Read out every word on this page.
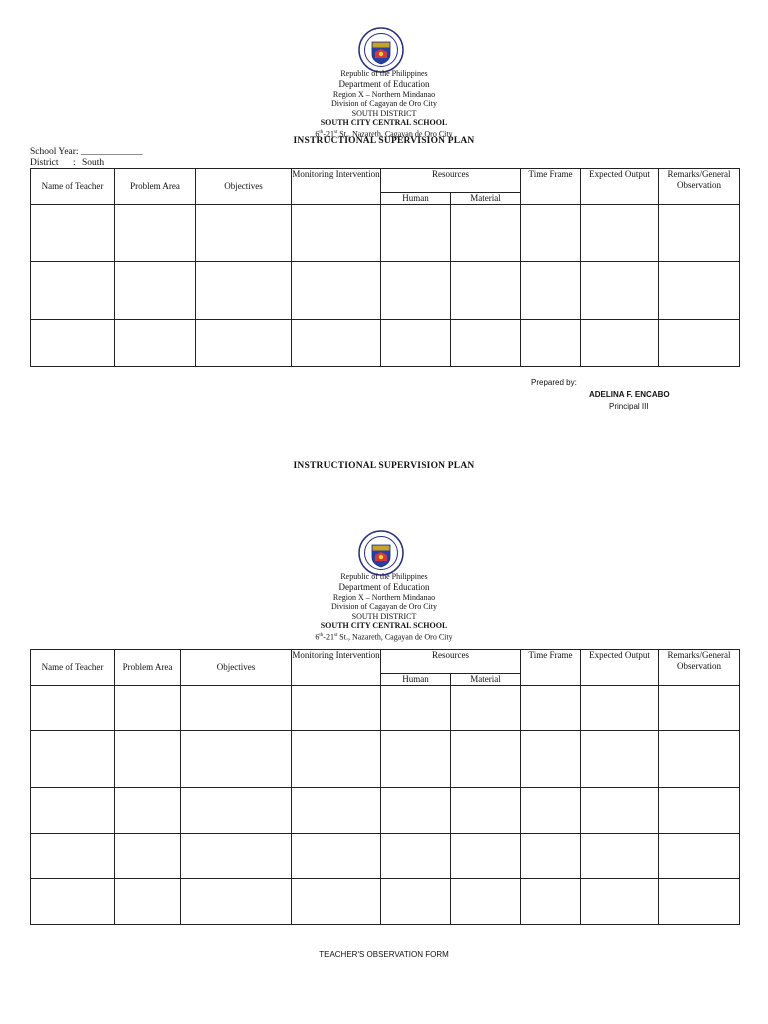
Republic of the Philippines
Department of Education
Region X – Northern Mindanao
Division of Cagayan de Oro City
SOUTH DISTRICT
SOUTH CITY CENTRAL SCHOOL
6th-21st St., Nazareth, Cagayan de Oro City
INSTRUCTIONAL SUPERVISION PLAN
School Year: _____________
District : South
Name of Teacher	Problem Area	Objectives	Monitoring Intervention	Resources		Time Frame	Expected Output	Remarks/General Observation
				Human	Material			

Prepared by:
ADELINA F. ENCABO
Principal III
INSTRUCTIONAL SUPERVISION PLAN
Republic of the Philippines
Department of Education
Region X – Northern Mindanao
Division of Cagayan de Oro City
SOUTH DISTRICT
SOUTH CITY CENTRAL SCHOOL
6th-21st St., Nazareth, Cagayan de Oro City
Name of Teacher	Problem Area	Objectives	Monitoring Intervention	Resources		Time Frame	Expected Output	Remarks/General Observation
				Human	Material			

TEACHER'S OBSERVATION FORM
